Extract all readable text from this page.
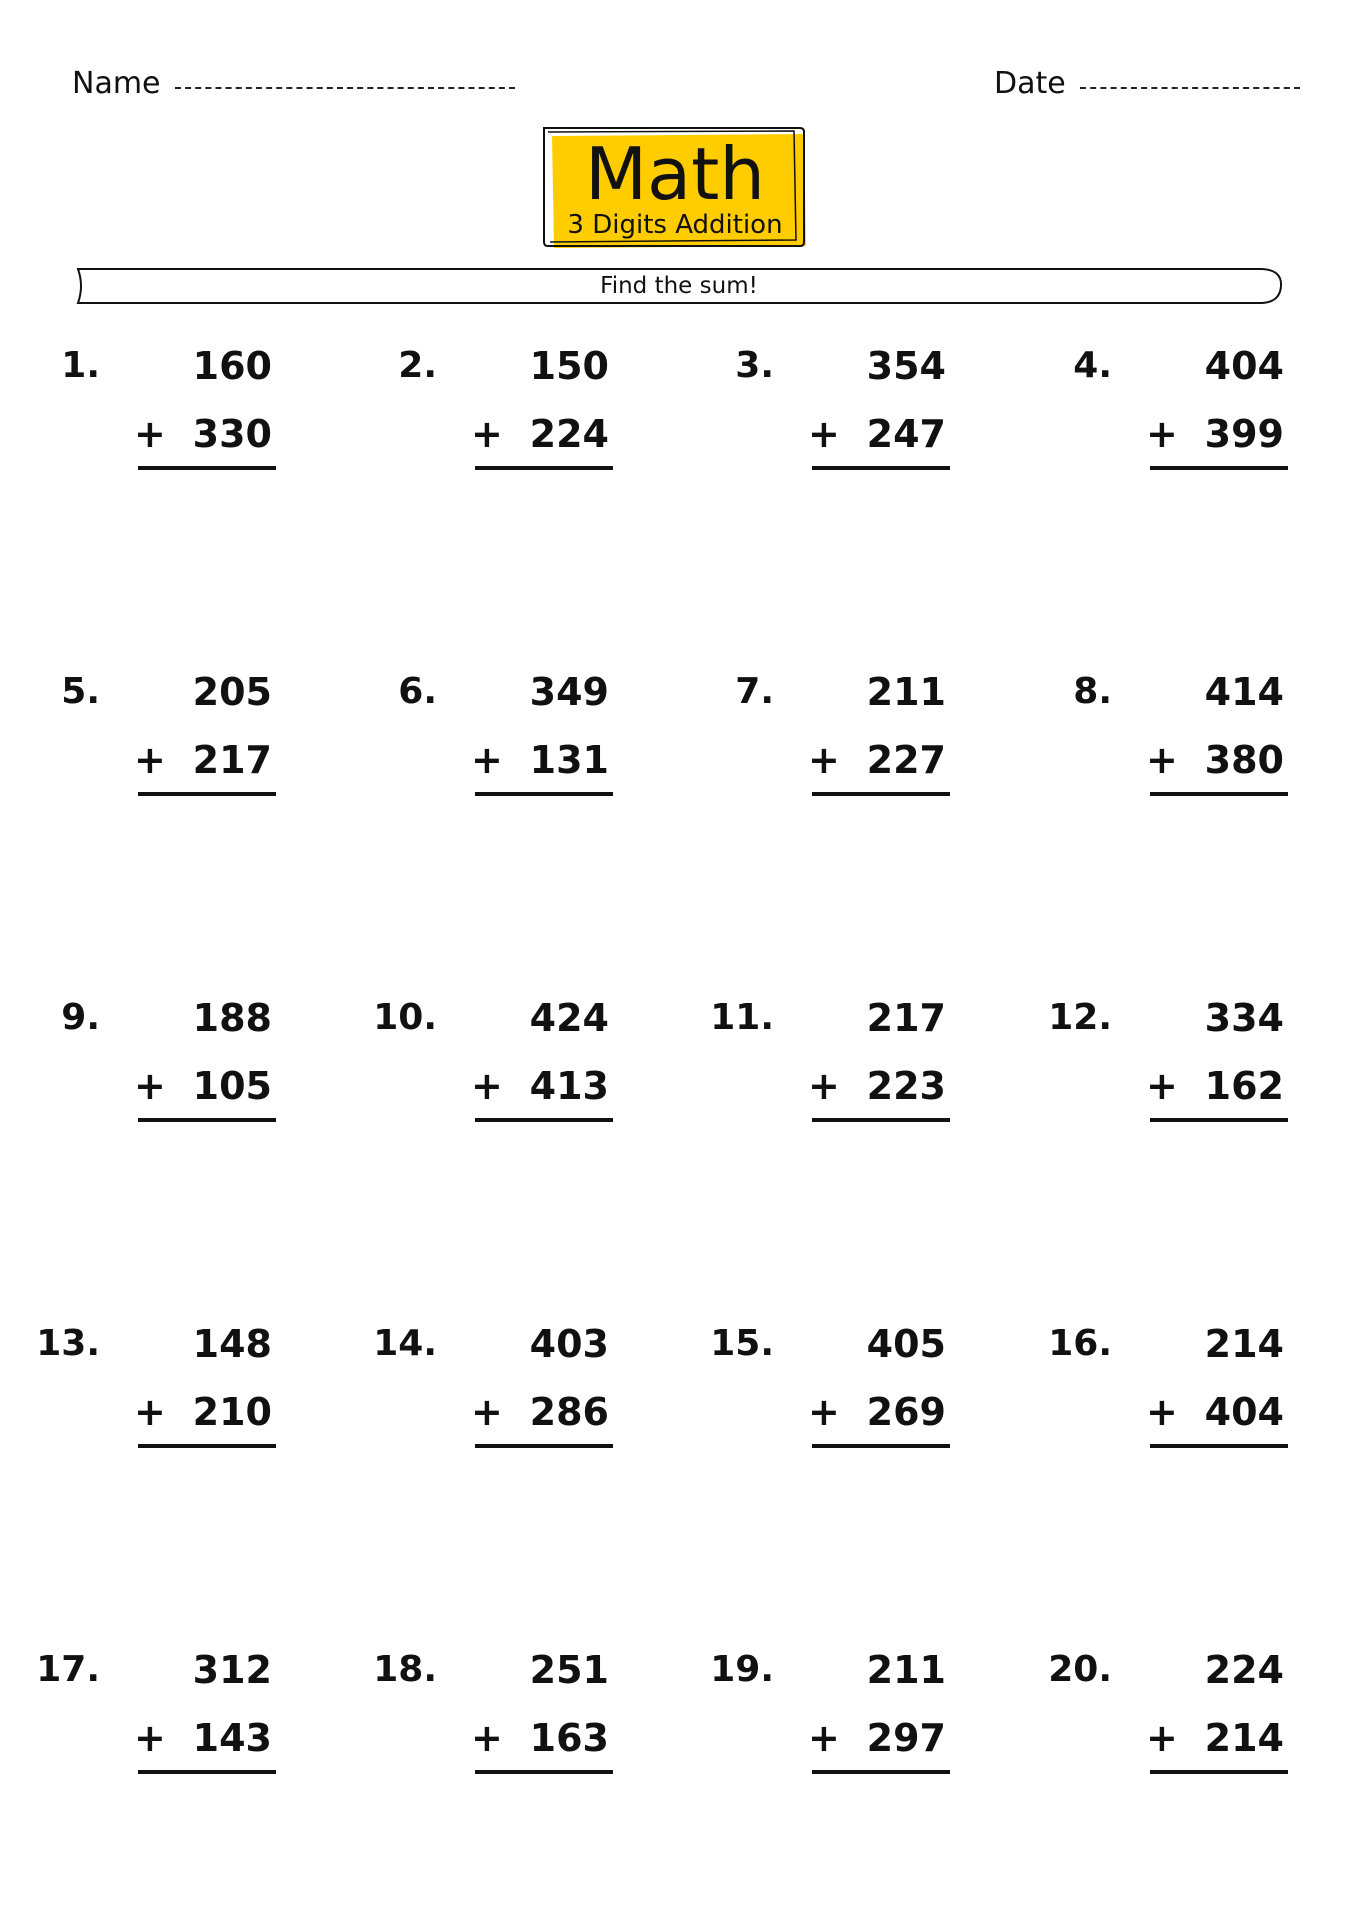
Name	Date
Math
3 Digits Addition
Find the sum!
1.	160
+ 330
2.	150
+ 224
3.	354
+ 247
4.	404
+ 399
5.	205
+ 217
6.	349
+ 131
7.	211
+ 227
8.	414
+ 380
9.	188
+ 105
10.	424
+ 413
11.	217
+ 223
12.	334
+ 162
13.	148
+ 210
14.	403
+ 286
15.	405
+ 269
16.	214
+ 404
17.	312
+ 143
18.	251
+ 163
19.	211
+ 297
20.	224
+ 214
